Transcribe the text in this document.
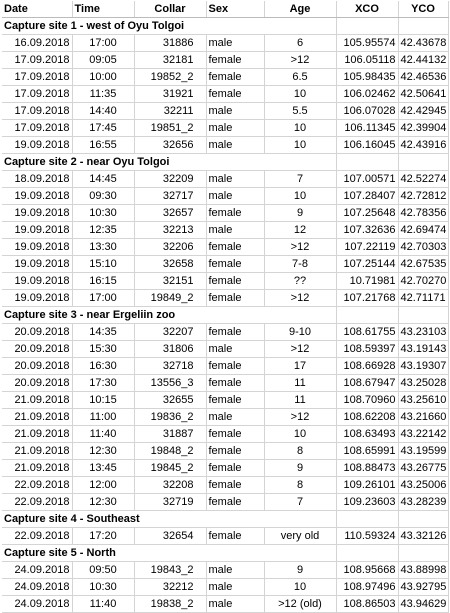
Date	Time	Collar	Sex	Age	XCO	YCO
Capture site 1 - west of Oyu Tolgoi						
16.09.2018	17:00	31886	male	6	105.95574	42.43678
17.09.2018	09:05	32181	female	>12	106.05118	42.44132
17.09.2018	10:00	19852_2	female	6.5	105.98435	42.46536
17.09.2018	11:35	31921	female	10	106.02462	42.50641
17.09.2018	14:40	32211	male	5.5	106.07028	42.42945
17.09.2018	17:45	19851_2	male	10	106.11345	42.39904
19.09.2018	16:55	32656	male	10	106.16045	42.43916
Capture site 2 - near Oyu Tolgoi						
18.09.2018	14:45	32209	male	7	107.00571	42.52274
19.09.2018	09:30	32717	male	10	107.28407	42.72812
19.09.2018	10:30	32657	female	9	107.25648	42.78356
19.09.2018	12:35	32213	male	12	107.32636	42.69474
19.09.2018	13:30	32206	female	>12	107.22119	42.70303
19.09.2018	15:10	32658	female	7-8	107.25144	42.67535
19.09.2018	16:15	32151	female	??	10.71981	42.70270
19.09.2018	17:00	19849_2	female	>12	107.21768	42.71171
Capture site 3 - near Ergeliin zoo						
20.09.2018	14:35	32207	female	9-10	108.61755	43.23103
20.09.2018	15:30	31806	male	>12	108.59397	43.19143
20.09.2018	16:30	32718	female	17	108.66928	43.19307
20.09.2018	17:30	13556_3	female	11	108.67947	43.25028
21.09.2018	10:15	32655	female	11	108.70960	43.25610
21.09.2018	11:00	19836_2	male	>12	108.62208	43.21660
21.09.2018	11:40	31887	female	10	108.63493	43.22142
21.09.2018	12:30	19848_2	female	8	108.65991	43.19599
21.09.2018	13:45	19845_2	female	9	108.88473	43.26775
22.09.2018	12:00	32208	female	8	109.26101	43.25006
22.09.2018	12:30	32719	female	7	109.23603	43.28239
Capture site 4 - Southeast						
22.09.2018	17:20	32654	female	very old	110.59324	43.32126
Capture site 5 - North						
24.09.2018	09:50	19843_2	male	9	108.95668	43.88998
24.09.2018	10:30	32212	male	10	108.97496	43.92795
24.09.2018	11:40	19838_2	male	>12 (old)	108.86503	43.94629
